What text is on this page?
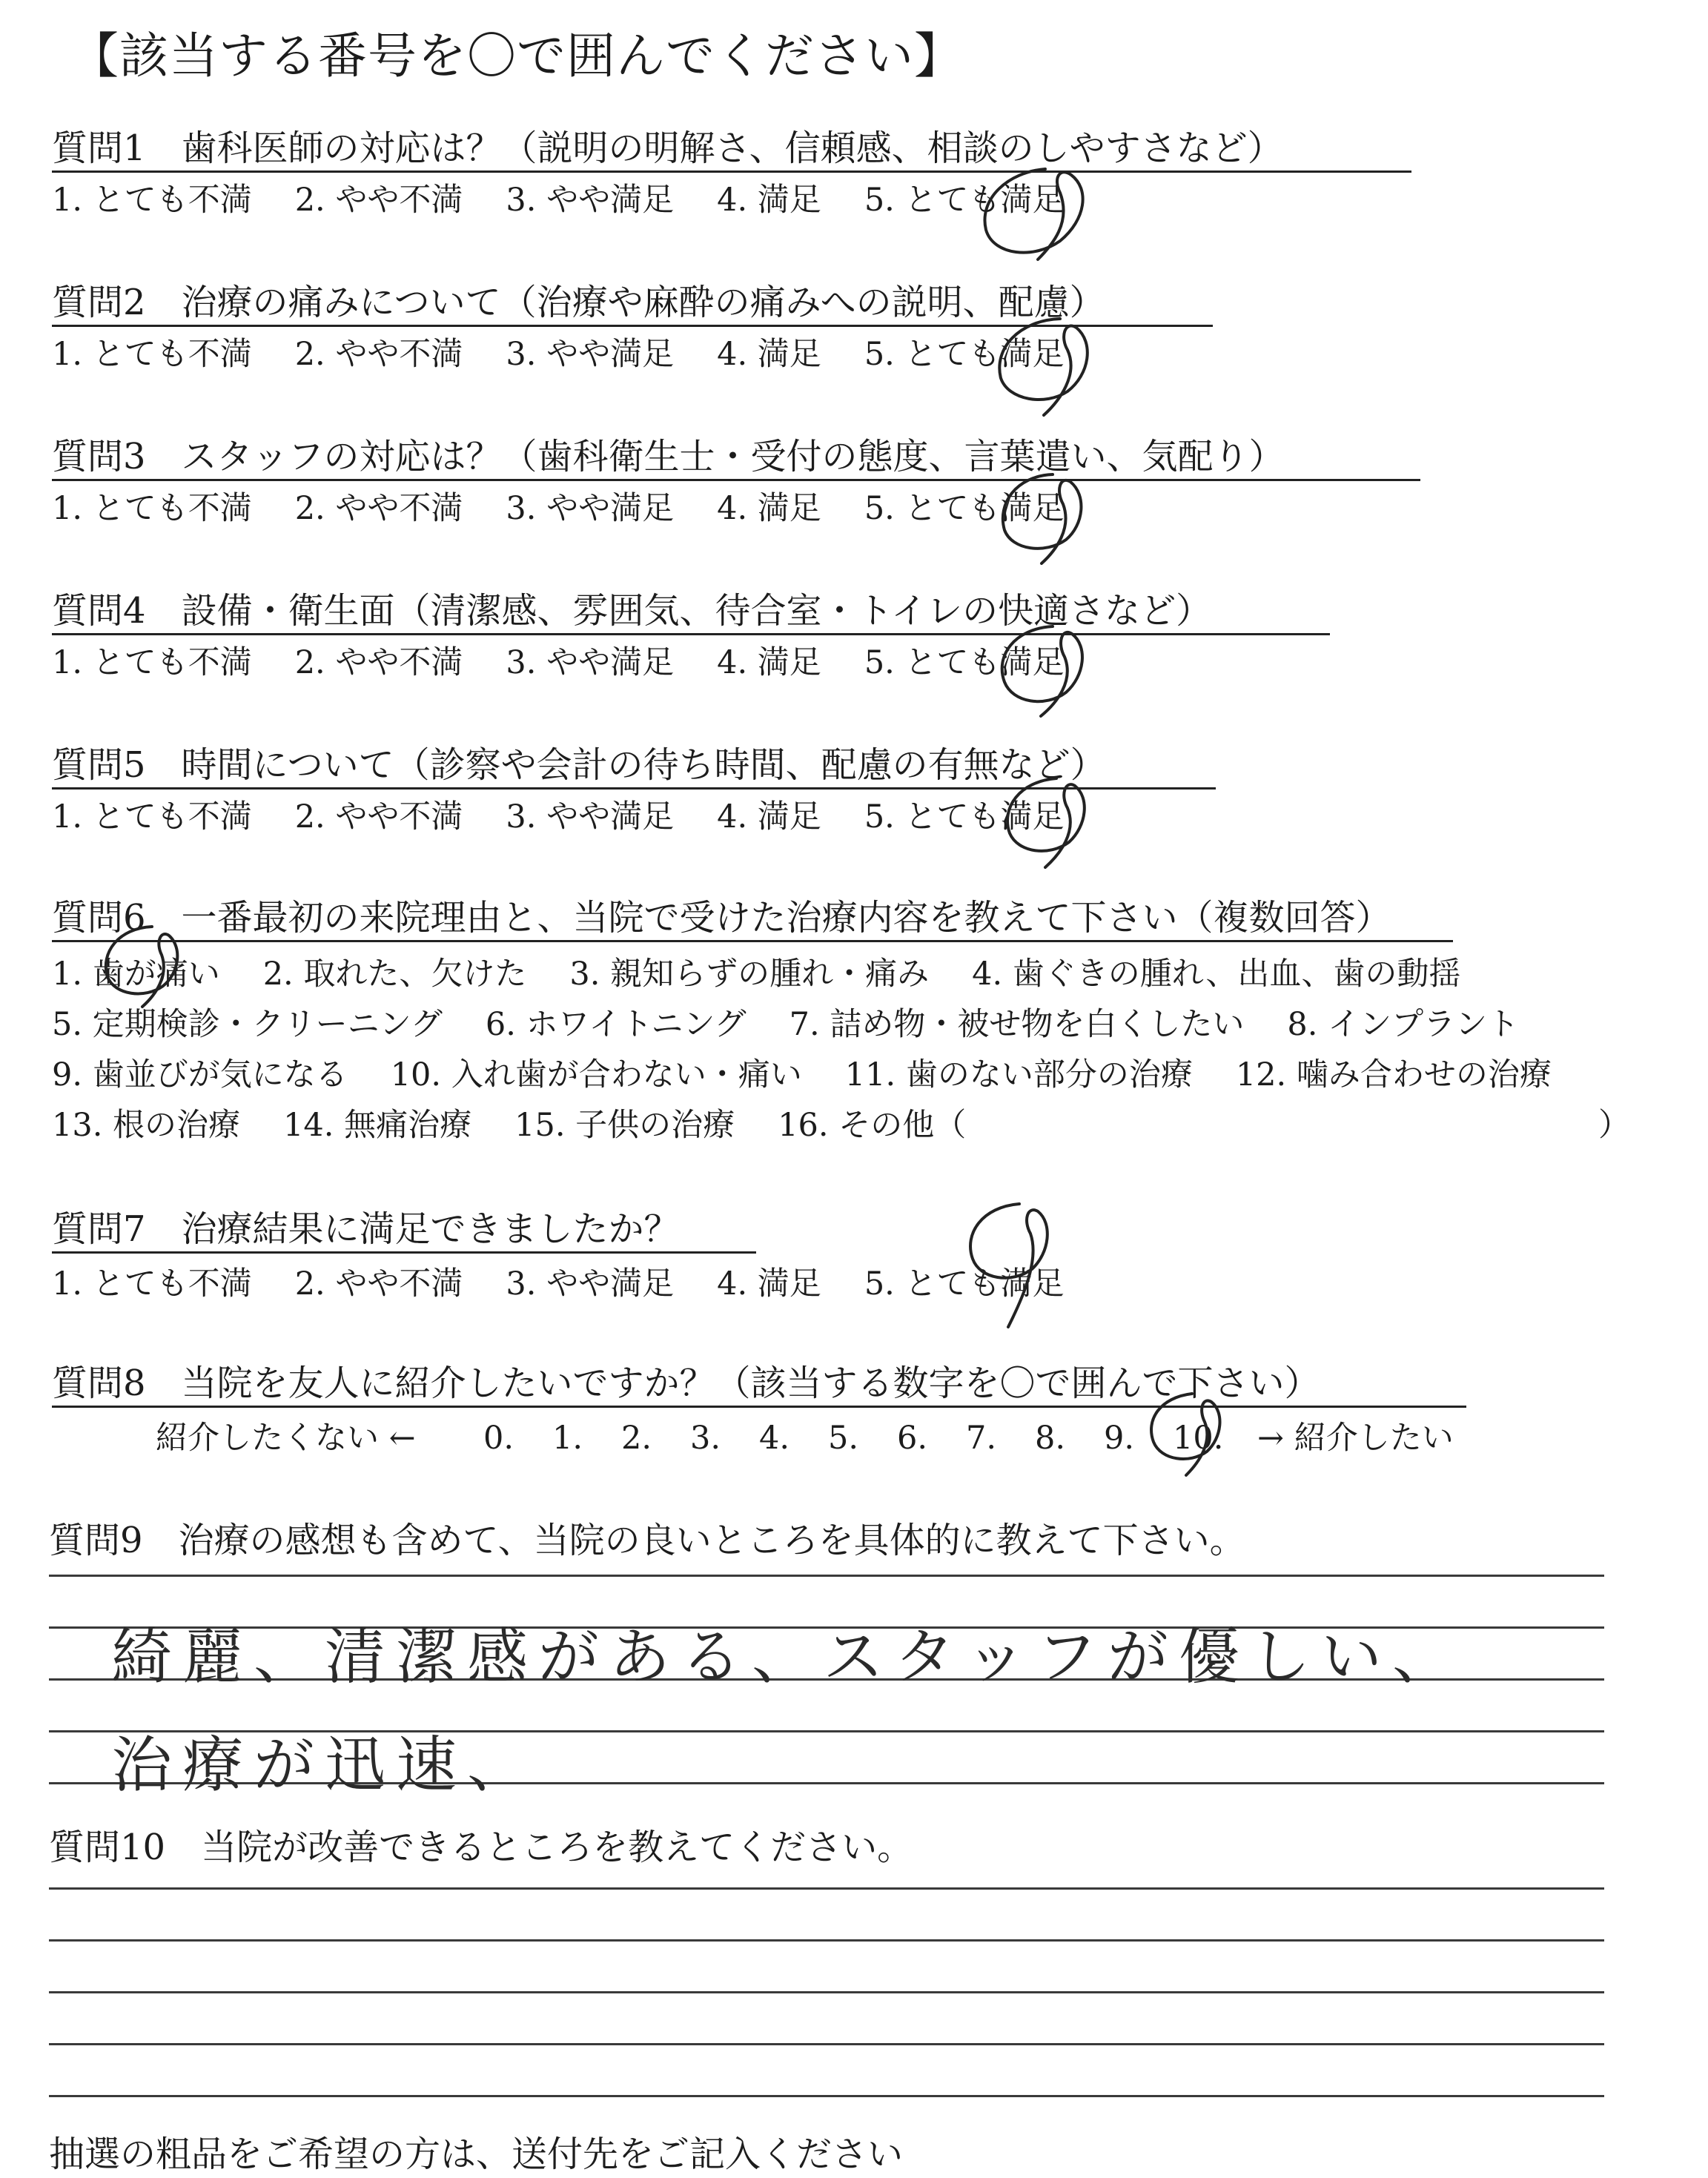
【該当する番号を〇で囲んでください】
質問1　歯科医師の対応は？（説明の明解さ、信頼感、相談のしやすさなど）
1. とても不満 2. やや不満 3. やや満足 4. 満足 5. とても満足
質問2　治療の痛みについて（治療や麻酔の痛みへの説明、配慮）
1. とても不満 2. やや不満 3. やや満足 4. 満足 5. とても満足
質問3　スタッフの対応は？（歯科衛生士・受付の態度、言葉遣い、気配り）
1. とても不満 2. やや不満 3. やや満足 4. 満足 5. とても満足
質問4　設備・衛生面（清潔感、雰囲気、待合室・トイレの快適さなど）
1. とても不満 2. やや不満 3. やや満足 4. 満足 5. とても満足
質問5　時間について（診察や会計の待ち時間、配慮の有無など）
1. とても不満 2. やや不満 3. やや満足 4. 満足 5. とても満足
質問6　一番最初の来院理由と、当院で受けた治療内容を教えて下さい（複数回答）
1. 歯が痛い 2. 取れた、欠けた 3. 親知らずの腫れ・痛み 4. 歯ぐきの腫れ、出血、歯の動揺
5. 定期検診・クリーニング 6. ホワイトニング 7. 詰め物・被せ物を白くしたい 8. インプラント
9. 歯並びが気になる 10. 入れ歯が合わない・痛い 11. 歯のない部分の治療 12. 噛み合わせの治療
13. 根の治療 14. 無痛治療 15. 子供の治療 16. その他（	）
質問7　治療結果に満足できましたか？
1. とても不満 2. やや不満 3. やや満足 4. 満足 5. とても満足
質問8　当院を友人に紹介したいですか？（該当する数字を〇で囲んで下さい）
紹介したくない ← 0. 1. 2. 3. 4. 5. 6. 7. 8. 9. 10.	→ 紹介したい
質問9　治療の感想も含めて、当院の良いところを具体的に教えて下さい。
綺麗、清潔感がある、スタッフが優しい、
治療が迅速、
質問10　当院が改善できるところを教えてください。
抽選の粗品をご希望の方は、送付先をご記入ください
